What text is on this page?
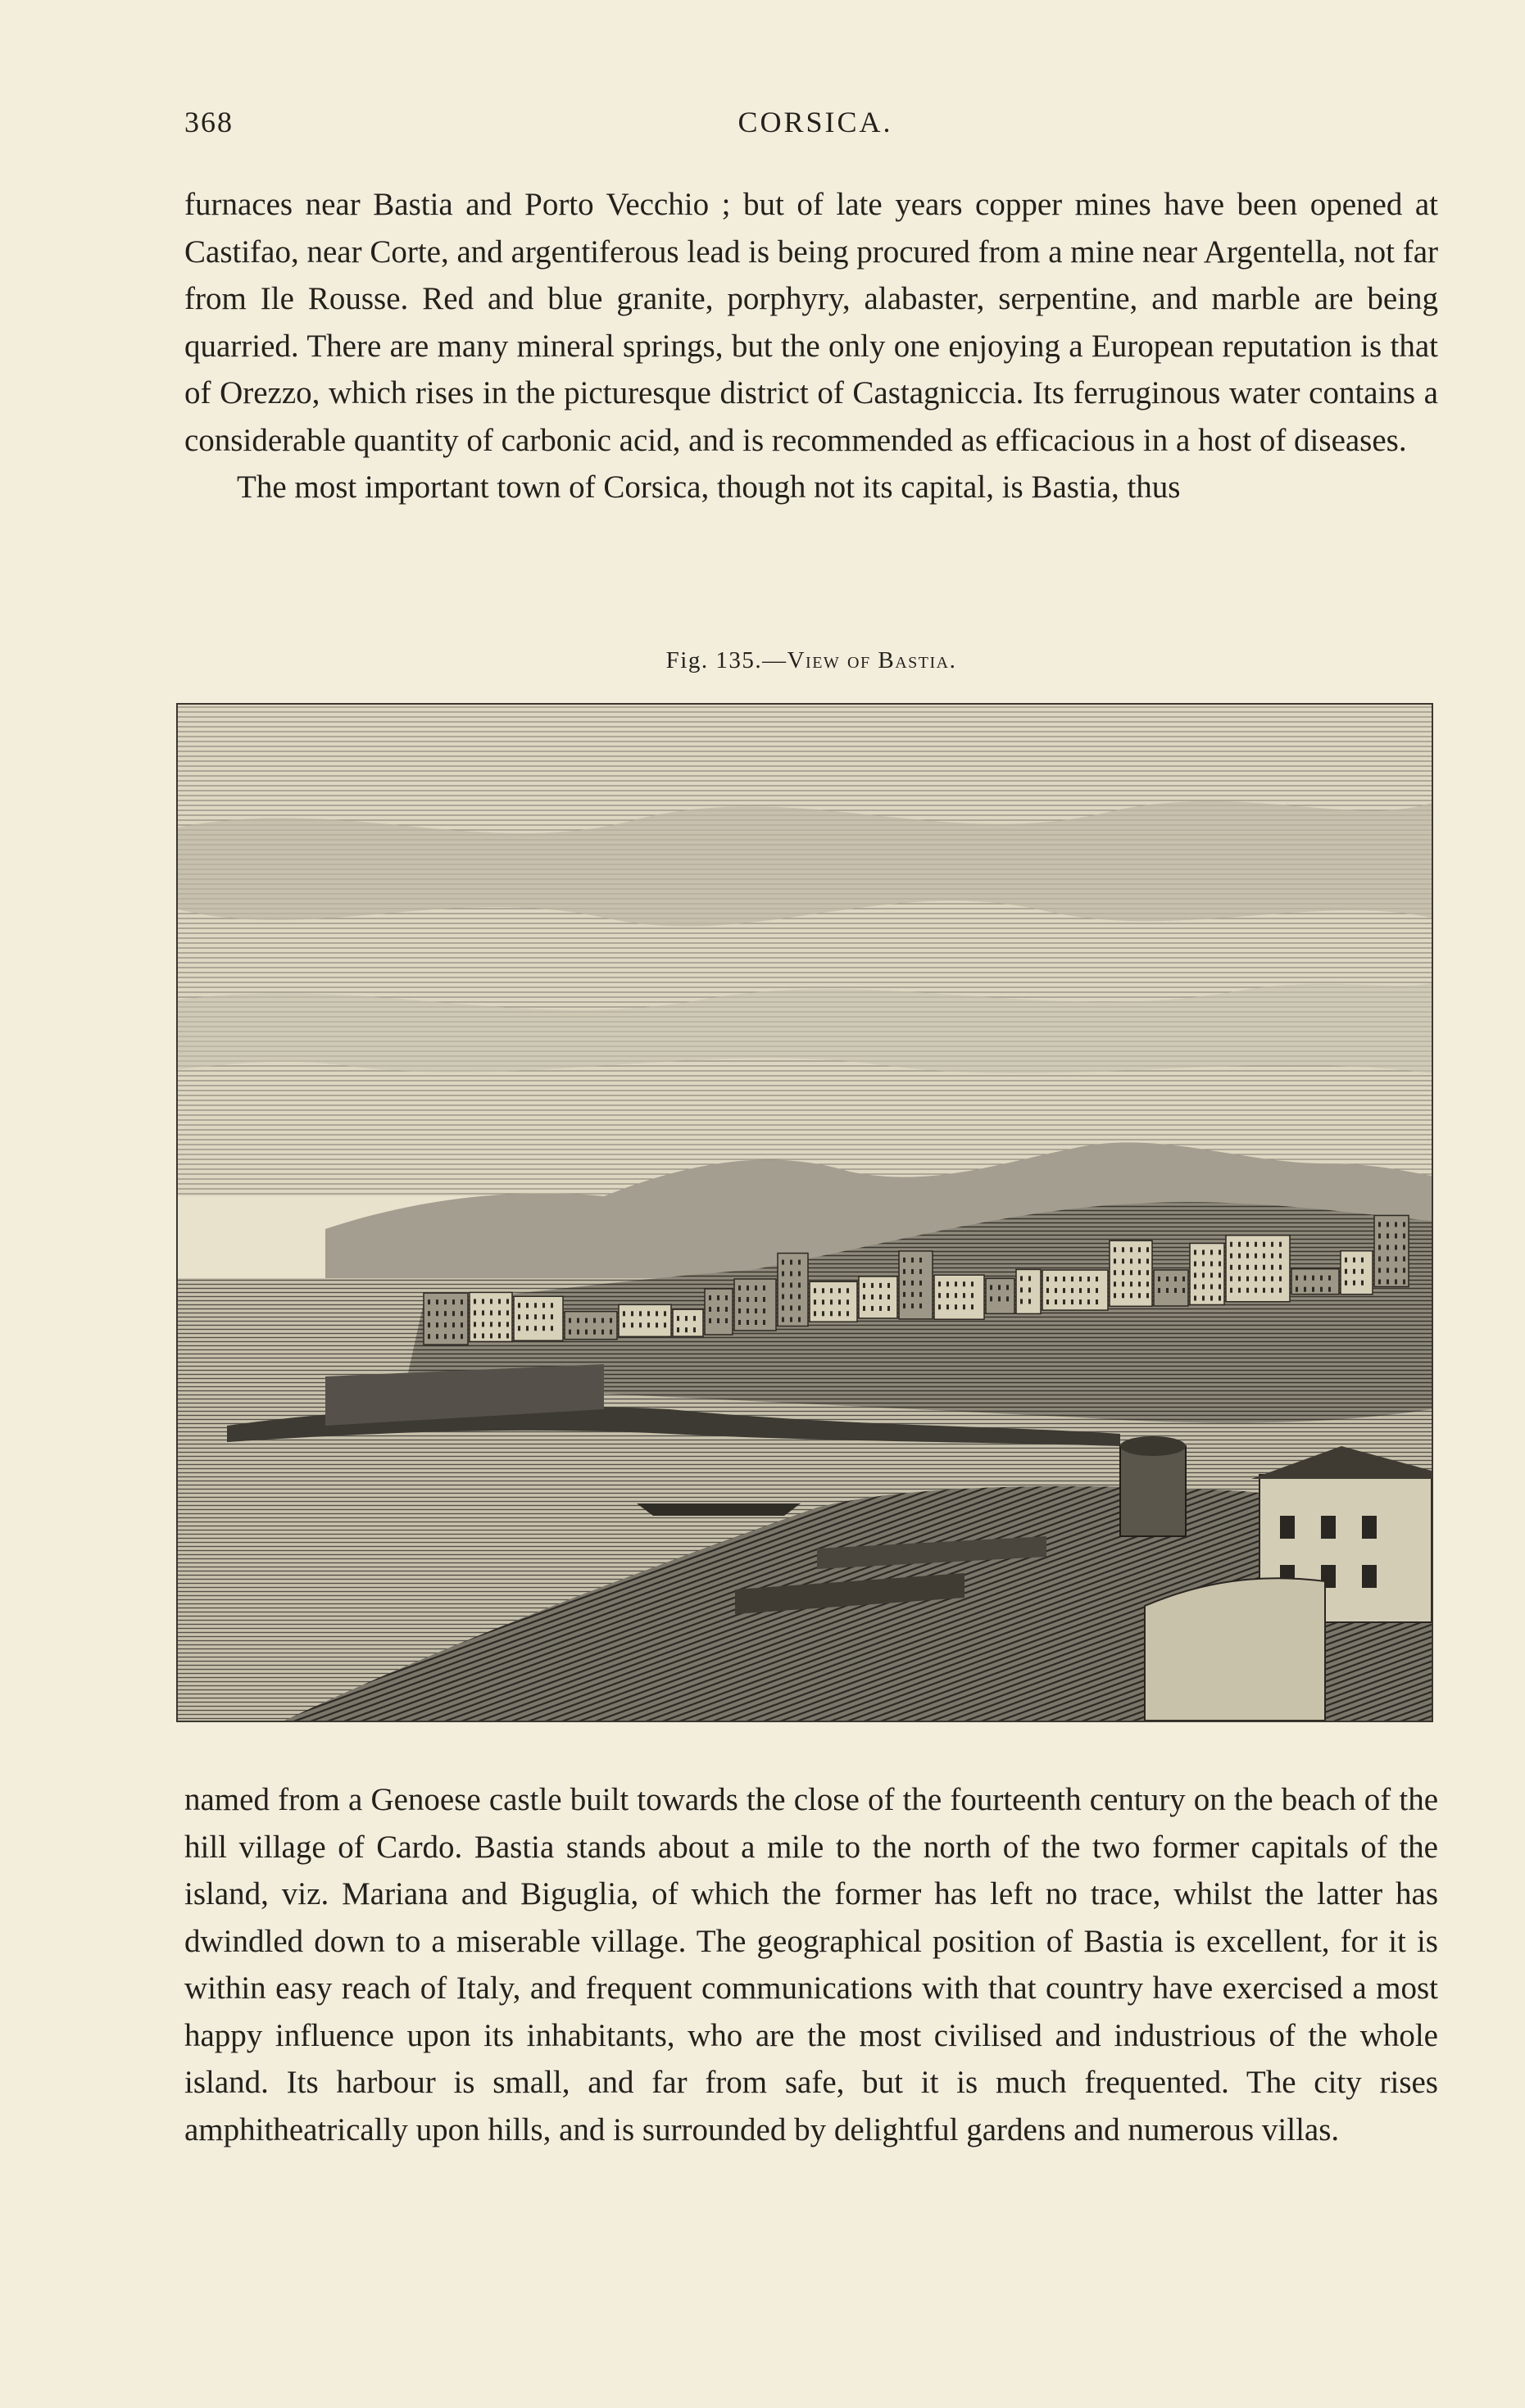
368	CORSICA.

furnaces near Bastia and Porto Vecchio ; but of late years copper mines have been opened at Castifao, near Corte, and argentiferous lead is being procured from a mine near Argentella, not far from Ile Rousse. Red and blue granite, porphyry, alabaster, serpentine, and marble are being quarried. There are many mineral springs, but the only one enjoying a European reputation is that of Orezzo, which rises in the picturesque district of Castagniccia. Its ferruginous water contains a considerable quantity of carbonic acid, and is recommended as efficacious in a host of diseases.

The most important town of Corsica, though not its capital, is Bastia, thus

Fig. 135.—View of Bastia.

named from a Genoese castle built towards the close of the fourteenth century on the beach of the hill village of Cardo. Bastia stands about a mile to the north of the two former capitals of the island, viz. Mariana and Biguglia, of which the former has left no trace, whilst the latter has dwindled down to a miserable village. The geographical position of Bastia is excellent, for it is within easy reach of Italy, and frequent communications with that country have exercised a most happy influence upon its inhabitants, who are the most civilised and industrious of the whole island. Its harbour is small, and far from safe, but it is much frequented. The city rises amphitheatrically upon hills, and is surrounded by delightful gardens and numerous villas.
